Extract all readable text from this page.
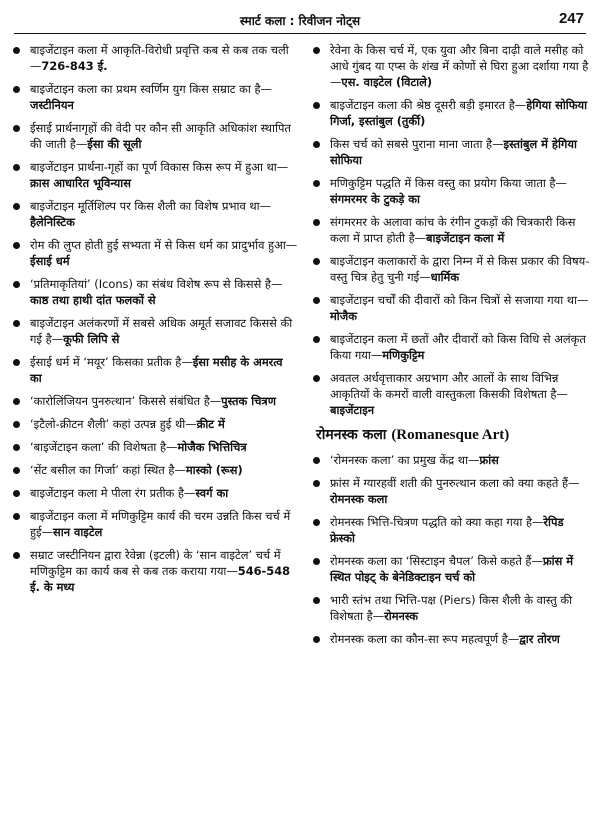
स्मार्ट कला : रिवीजन नोट्स	247
बाइजेंटाइन कला में आकृति-विरोधी प्रवृत्ति कब से कब तक चली—726-843 ई.
बाइजेंटाइन कला का प्रथम स्वर्णिम युग किस सम्राट का है—जस्टीनियन
ईसाई प्रार्थनागृहों की वेदी पर कौन सी आकृति अधिकांश स्थापित की जाती है—ईसा की सूली
बाइजेंटाइन प्रार्थना-गृहों का पूर्ण विकास किस रूप में हुआ था—क्रास आधारित भूविन्यास
बाइजेंटाइन मूर्तिशिल्प पर किस शैली का विशेष प्रभाव था—हैलेनिस्टिक
रोम की लुप्त होती हुई सभ्यता में से किस धर्म का प्रादुर्भाव हुआ—ईसाई धर्म
‘प्रतिमाकृतियां’ (Icons) का संबंध विशेष रूप से किससे है—काष्ठ तथा हाथी दांत फलकों से
बाइजेंटाइन अलंकरणों में सबसे अधिक अमूर्त सजावट किससे की गई है—कूफी लिपि से
ईसाई धर्म में ‘मयूर’ किसका प्रतीक है—ईसा मसीह के अमरत्व का
‘कारोलिंजियन पुनरुत्थान’ किससे संबंधित है—पुस्तक चित्रण
‘इटैलो-क्रीटन शैली’ कहां उत्पन्न हुई थी—क्रीट में
‘बाइजेंटाइन कला’ की विशेषता है—मोजैक भित्तिचित्र
‘सेंट बसील का गिर्जा’ कहां स्थित है—मास्को (रूस)
बाइजेंटाइन कला मे पीला रंग प्रतीक है—स्वर्ग का
बाइजेंटाइन कला में मणिकुट्टिम कार्य की चरम उन्नति किस चर्च में हुई—सान वाइटेल
सम्राट जस्टीनियन द्वारा रेवेन्ना (इटली) के ‘सान वाइटेल’ चर्च में मणिकुट्टिम का कार्य कब से कब तक कराया गया—546-548 ई. के मध्य
रेवेना के किस चर्च में, एक युवा और बिना दाढ़ी वाले मसीह को आधे गुंबद या एप्स के शंख में कोणों से घिरा हुआ दर्शाया गया है—एस. वाइटेल (विटाले)
बाइजेंटाइन कला की श्रेष्ठ दूसरी बड़ी इमारत है—हेगिया सोफिया गिर्जा, इस्तांबुल (तुर्की)
किस चर्च को सबसे पुराना माना जाता है—इस्तांबुल में हेगिया सोफिया
मणिकुट्टिम पद्धति में किस वस्तु का प्रयोग किया जाता है—संगमरमर के टुकड़े का
संगमरमर के अलावा कांच के रंगीन टुकड़ों की चित्रकारी किस कला में प्राप्त होती है—बाइजेंटाइन कला में
बाइजेंटाइन कलाकारों के द्वारा निम्न में से किस प्रकार की विषय-वस्तु चित्र हेतु चुनी गई—धार्मिक
बाइजेंटाइन चर्चों की दीवारों को किन चित्रों से सजाया गया था—मोजैक
बाइजेंटाइन कला में छतों और दीवारों को किस विधि से अलंकृत किया गया—मणिकुट्टिम
अवतल अर्धवृत्ताकार अग्रभाग और आलों के साथ विभिन्न आकृतियों के कमरों वाली वास्तुकला किसकी विशेषता है—बाइजेंटाइन
रोमनस्क कला (Romanesque Art)
‘रोमनस्क कला’ का प्रमुख केंद्र था—फ्रांस
फ्रांस में ग्यारहवीं शती की पुनरुत्थान कला को क्या कहते हैं—रोमनस्क कला
रोमनस्क भित्ति-चित्रण पद्धति को क्या कहा गया है—रेपिड फ्रेस्को
रोमनस्क कला का ‘सिस्टाइन चैपल’ किसे कहते हैं—फ्रांस में स्थित पोइट् के बेनेडिक्टाइन चर्च को
भारी स्तंभ तथा भित्ति-पक्ष (Piers) किस शैली के वास्तु की विशेषता है—रोमनस्क
रोमनस्क कला का कौन-सा रूप महत्वपूर्ण है—द्वार तोरण
